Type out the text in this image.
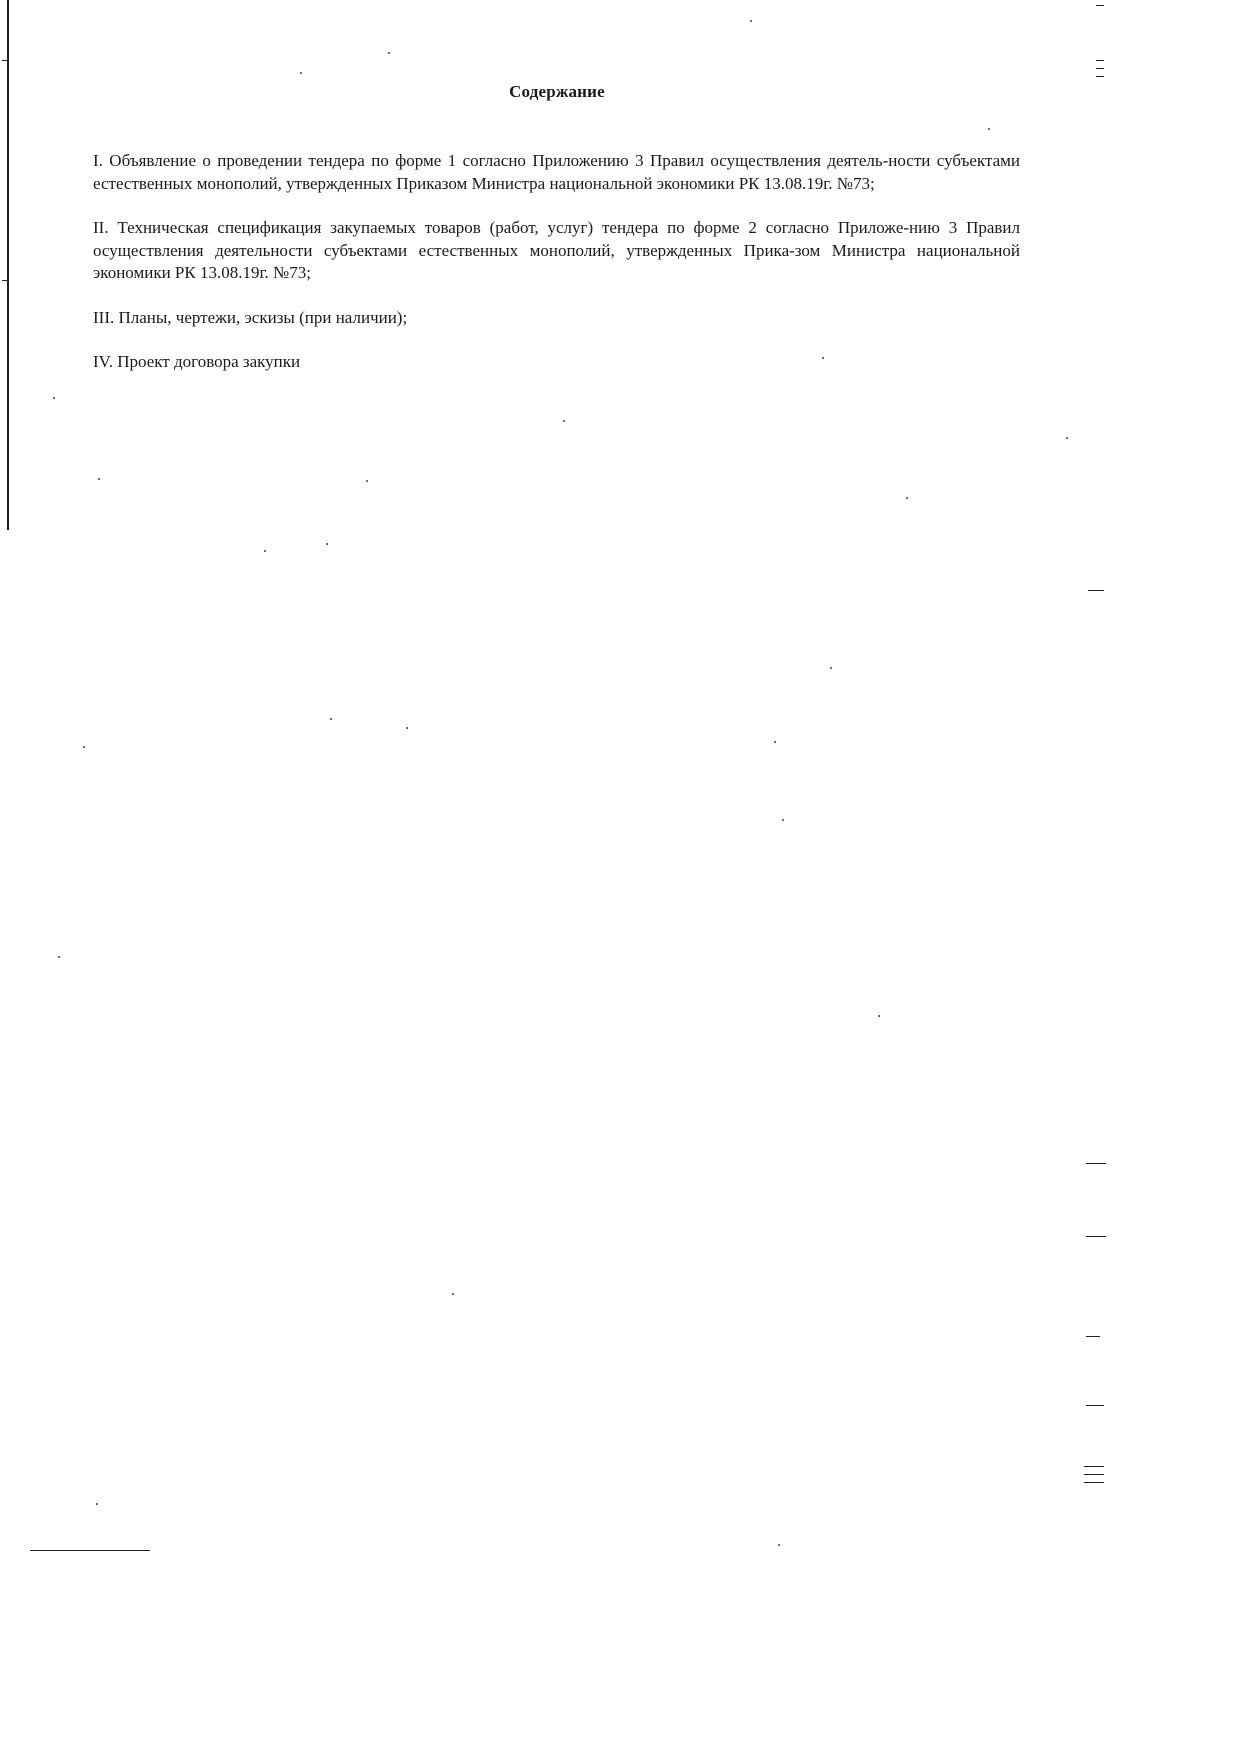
Содержание

I. Объявление о проведении тендера по форме 1 согласно Приложению 3 Правил осуществления деятель-ности субъектами естественных монополий, утвержденных Приказом Министра национальной экономики РК 13.08.19г. №73;

II. Техническая спецификация закупаемых товаров (работ, услуг) тендера по форме 2 согласно Приложе-нию 3 Правил осуществления деятельности субъектами естественных монополий, утвержденных Прика-зом Министра национальной экономики РК 13.08.19г. №73;

III. Планы, чертежи, эскизы (при наличии);

IV. Проект договора закупки
